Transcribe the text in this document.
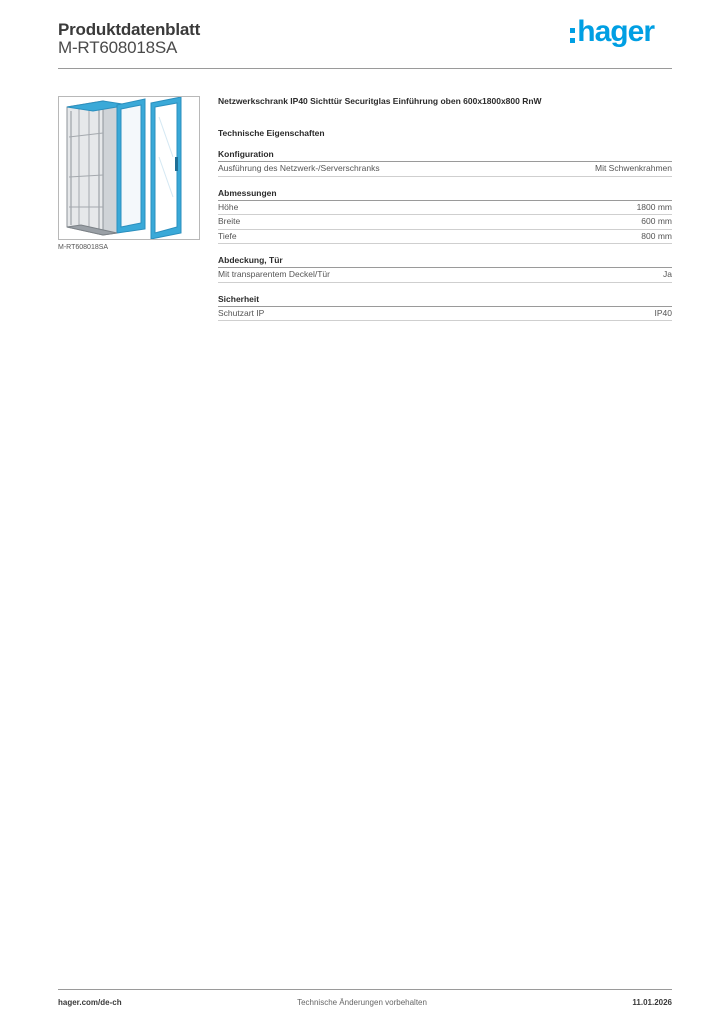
Produktdatenblatt
M-RT608018SA	hager
M-RT608018SA
Netzwerkschrank IP40 Sichttür Securitglas Einführung oben 600x1800x800 RnW
Technische Eigenschaften
Konfiguration
Ausführung des Netzwerk-/Serverschranks	Mit Schwenkrahmen
Abmessungen
Höhe	1800 mm
Breite	600 mm
Tiefe	800 mm
Abdeckung, Tür
Mit transparentem Deckel/Tür	Ja
Sicherheit
Schutzart IP	IP40
hager.com/de-ch	Technische Änderungen vorbehalten	11.01.2026
